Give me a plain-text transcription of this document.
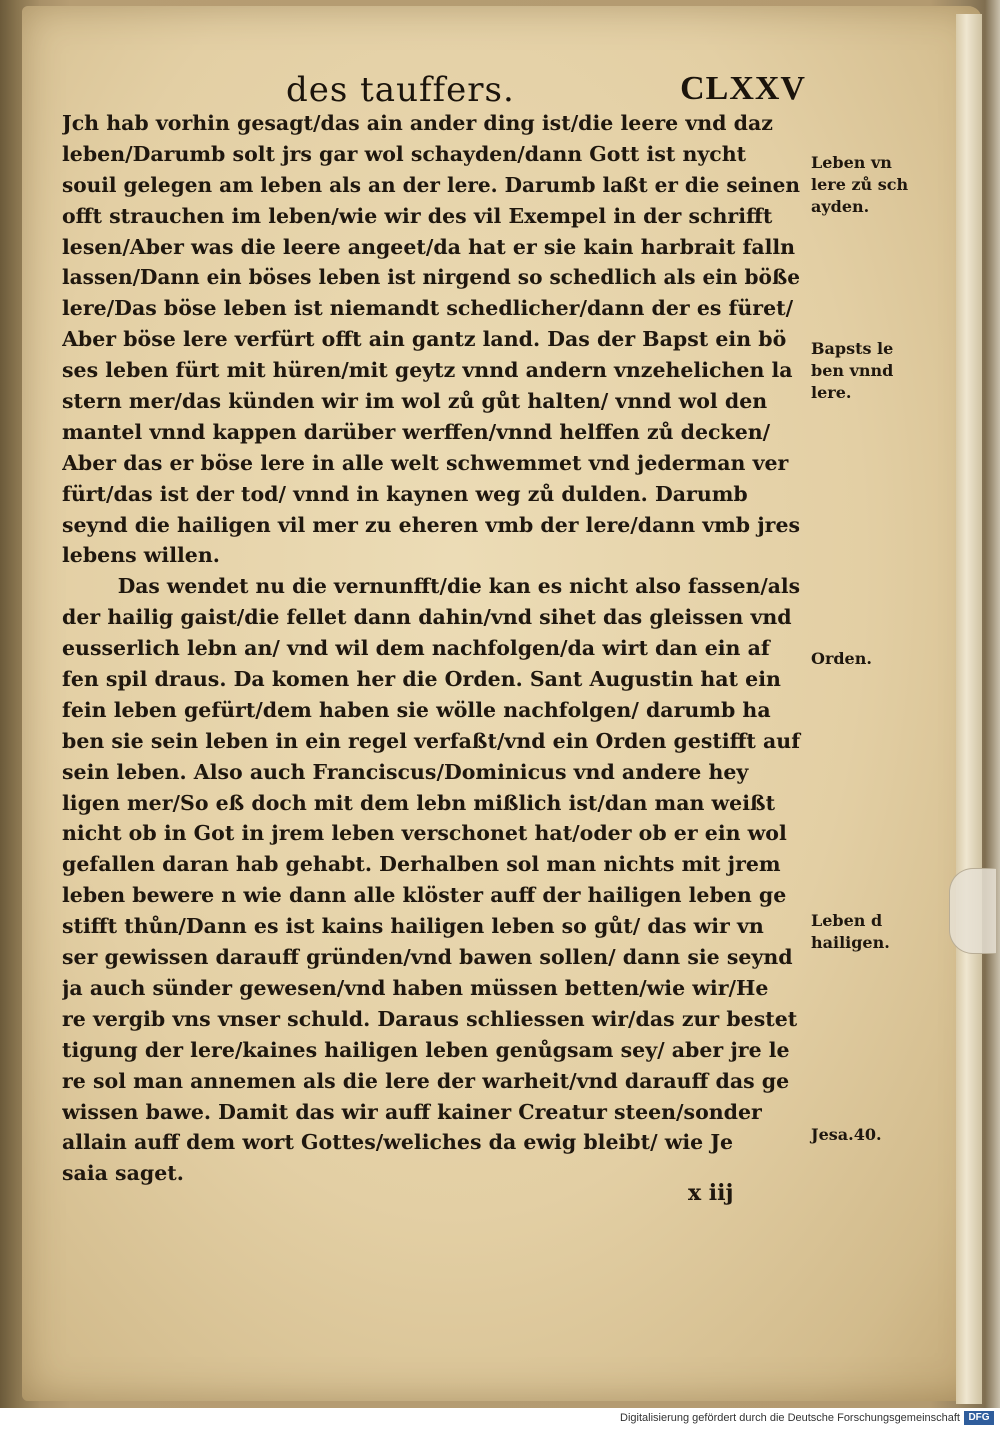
des tauffers.	CLXXV
Jch hab vorhin gesagt/das ain ander ding ist/die leere vnd daz
leben/Darumb solt jrs gar wol schayden/dann Gott ist nycht
souil gelegen am leben als an der lere. Darumb laßt er die seinen
offt strauchen im leben/wie wir des vil Exempel in der schrifft
lesen/Aber was die leere angeet/da hat er sie kain harbrait falln
lassen/Dann ein böses leben ist nirgend so schedlich als ein böße
lere/Das böse leben ist niemandt schedlicher/dann der es füret/
Aber böse lere verfürt offt ain gantz land. Das der Bapst ein bö
ses leben fürt mit hüren/mit geytz vnnd andern vnzehelichen la
stern mer/das künden wir im wol zů gůt halten/ vnnd wol den
mantel vnnd kappen darüber werffen/vnnd helffen zů decken/
Aber das er böse lere in alle welt schwemmet vnd jederman ver
fürt/das ist der tod/ vnnd in kaynen weg zů dulden. Darumb
seynd die hailigen vil mer zu eheren vmb der lere/dann vmb jres
lebens willen.
Das wendet nu die vernunfft/die kan es nicht also fassen/als
der hailig gaist/die fellet dann dahin/vnd sihet das gleissen vnd
eusserlich lebn an/ vnd wil dem nachfolgen/da wirt dan ein af
fen spil draus. Da komen her die Orden. Sant Augustin hat ein
fein leben gefürt/dem haben sie wölle nachfolgen/ darumb ha
ben sie sein leben in ein regel verfaßt/vnd ein Orden gestifft auf
sein leben. Also auch Franciscus/Dominicus vnd andere hey
ligen mer/So eß doch mit dem lebn mißlich ist/dan man weißt
nicht ob in Got in jrem leben verschonet hat/oder ob er ein wol
gefallen daran hab gehabt. Derhalben sol man nichts mit jrem
leben bewere n wie dann alle klöster auff der hailigen leben ge
stifft thůn/Dann es ist kains hailigen leben so gůt/ das wir vn
ser gewissen darauff gründen/vnd bawen sollen/ dann sie seynd
ja auch sünder gewesen/vnd haben müssen betten/wie wir/He
re vergib vns vnser schuld. Daraus schliessen wir/das zur bestet
tigung der lere/kaines hailigen leben genůgsam sey/ aber jre le
re sol man annemen als die lere der warheit/vnd darauff das ge
wissen bawe. Damit das wir auff kainer Creatur steen/sonder
allain auff dem wort Gottes/weliches da ewig bleibt/ wie Je
saia saget.
Leben vn
lere zů sch
ayden.
Bapsts le
ben vnnd
lere.
Orden.
Leben d
hailigen.
Jesa.40.
x iij
Digitalisierung gefördert durch die Deutsche Forschungsgemeinschaft DFG
